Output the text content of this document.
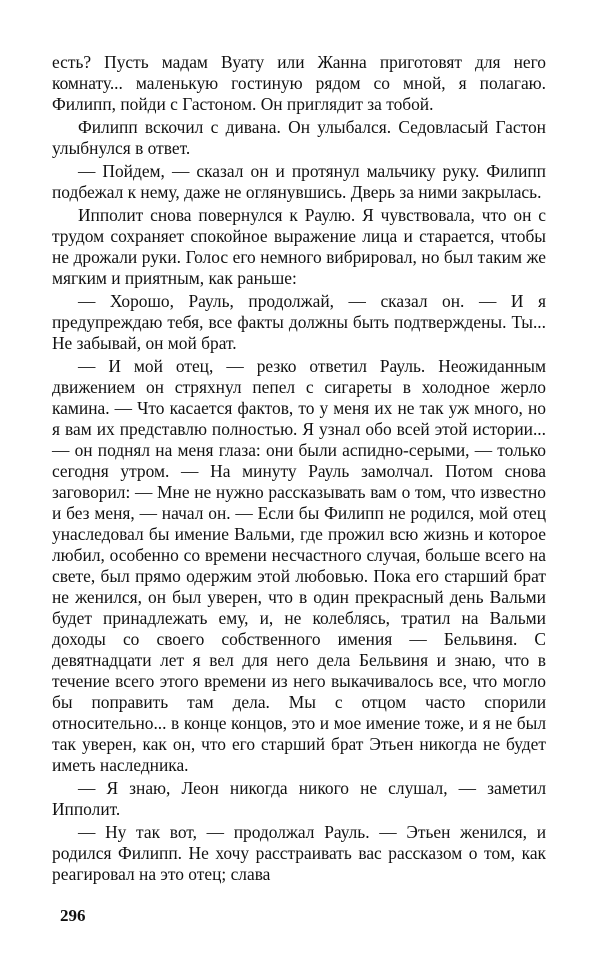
есть? Пусть мадам Вуату или Жанна приготовят для него комнату... маленькую гостиную рядом со мной, я полагаю. Филипп, пойди с Гастоном. Он приглядит за тобой.

Филипп вскочил с дивана. Он улыбался. Седовласый Гастон улыбнулся в ответ.

— Пойдем, — сказал он и протянул мальчику руку. Филипп подбежал к нему, даже не оглянувшись. Дверь за ними закрылась.

Ипполит снова повернулся к Раулю. Я чувствовала, что он с трудом сохраняет спокойное выражение лица и старается, чтобы не дрожали руки. Голос его немного вибрировал, но был таким же мягким и приятным, как раньше:

— Хорошо, Рауль, продолжай, — сказал он. — И я предупреждаю тебя, все факты должны быть подтверждены. Ты... Не забывай, он мой брат.

— И мой отец, — резко ответил Рауль. Неожиданным движением он стряхнул пепел с сигареты в холодное жерло камина. — Что касается фактов, то у меня их не так уж много, но я вам их представлю полностью. Я узнал обо всей этой истории... — он поднял на меня глаза: они были аспидно-серыми, — только сегодня утром. — На минуту Рауль замолчал. Потом снова заговорил: — Мне не нужно рассказывать вам о том, что известно и без меня, — начал он. — Если бы Филипп не родился, мой отец унаследовал бы имение Вальми, где прожил всю жизнь и которое любил, особенно со времени несчастного случая, больше всего на свете, был прямо одержим этой любовью. Пока его старший брат не женился, он был уверен, что в один прекрасный день Вальми будет принадлежать ему, и, не колеблясь, тратил на Вальми доходы со своего собственного имения — Бельвиня. С девятнадцати лет я вел для него дела Бельвиня и знаю, что в течение всего этого времени из него выкачивалось все, что могло бы поправить там дела. Мы с отцом часто спорили относительно... в конце концов, это и мое имение тоже, и я не был так уверен, как он, что его старший брат Этьен никогда не будет иметь наследника.

— Я знаю, Леон никогда никого не слушал, — заметил Ипполит.

— Ну так вот, — продолжал Рауль. — Этьен женился, и родился Филипп. Не хочу расстраивать вас рассказом о том, как реагировал на это отец; слава

296
